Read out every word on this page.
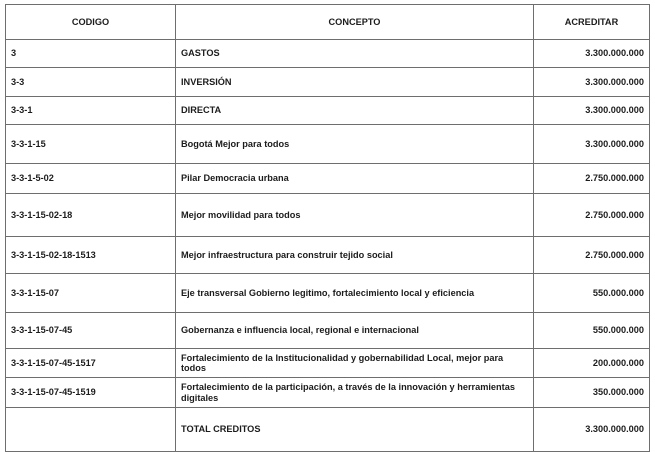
CODIGO	CONCEPTO	ACREDITAR
3	GASTOS	3.300.000.000
3-3	INVERSIÓN	3.300.000.000
3-3-1	DIRECTA	3.300.000.000
3-3-1-15	Bogotá Mejor para todos	3.300.000.000
3-3-1-5-02	Pilar Democracia urbana	2.750.000.000
3-3-1-15-02-18	Mejor movilidad para todos	2.750.000.000
3-3-1-15-02-18-1513	Mejor infraestructura para construir tejido social	2.750.000.000
3-3-1-15-07	Eje transversal Gobierno legitimo, fortalecimiento local y eficiencia	550.000.000
3-3-1-15-07-45	Gobernanza e influencia local, regional e internacional	550.000.000
3-3-1-15-07-45-1517	Fortalecimiento de la Institucionalidad y gobernabilidad Local, mejor para todos	200.000.000
3-3-1-15-07-45-1519	Fortalecimiento de la participación, a través de la innovación y herramientas digitales	350.000.000
	TOTAL CREDITOS	3.300.000.000
